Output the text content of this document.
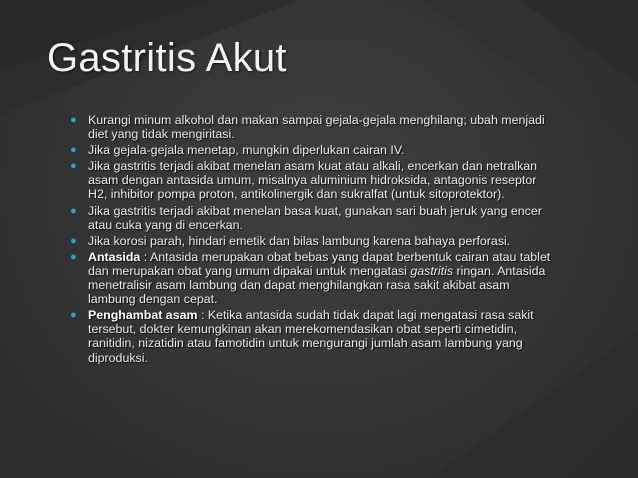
Gastritis Akut
● Kurangi minum alkohol dan makan sampai gejala-gejala menghilang; ubah menjadi diet yang tidak mengiritasi.
● Jika gejala-gejala menetap, mungkin diperlukan cairan IV.
● Jika gastritis terjadi akibat menelan asam kuat atau alkali, encerkan dan netralkan asam dengan antasida umum, misalnya aluminium hidroksida, antagonis reseptor H2, inhibitor pompa proton, antikolinergik dan sukralfat (untuk sitoprotektor).
● Jika gastritis terjadi akibat menelan basa kuat, gunakan sari buah jeruk yang encer atau cuka yang di encerkan.
● Jika korosi parah, hindari emetik dan bilas lambung karena bahaya perforasi.
● Antasida : Antasida merupakan obat bebas yang dapat berbentuk cairan atau tablet dan merupakan obat yang umum dipakai untuk mengatasi gastritis ringan. Antasida menetralisir asam lambung dan dapat menghilangkan rasa sakit akibat asam lambung dengan cepat.
● Penghambat asam : Ketika antasida sudah tidak dapat lagi mengatasi rasa sakit tersebut, dokter kemungkinan akan merekomendasikan obat seperti cimetidin, ranitidin, nizatidin atau famotidin untuk mengurangi jumlah asam lambung yang diproduksi.
